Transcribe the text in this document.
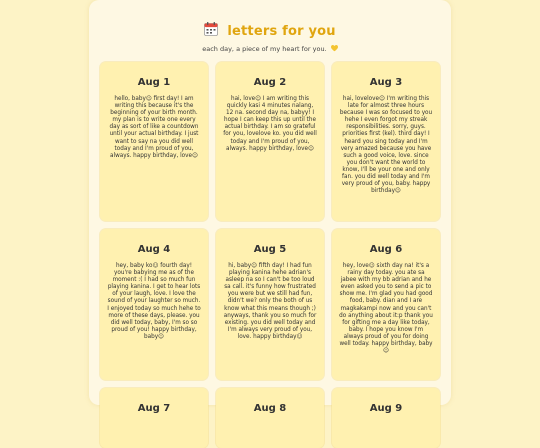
letters for you
each day, a piece of my heart for you.
Aug 1
hello, baby☺ first day! I am writing this because it's the beginning of your birth month. my plan is to write one every day as sort of like a countdown until your actual birthday. I just want to say na you did well today and I'm proud of you, always. happy birthday, love☺
Aug 2
hai, love☺ I am writing this quickly kasi 4 minutes nalang, 12 na. second day na, babyy! I hope I can keep this up until the actual birthday. I am so grateful for you, lovelove ko. you did well today and I'm proud of you, always. happy birthday, love☺
Aug 3
hai, lovelove☺ I'm writing this late for almost three hours because I was so focused to you hehe I even forgot my streak responsibilities. sorry, guys. priorities first (kel). third day! I heard you sing today and I'm very amazed because you have such a good voice, love. since you don't want the world to know, I'll be your one and only fan. you did well today and I'm very proud of you, baby. happy birthday☺
Aug 4
hey, baby ko☺ fourth day! you're babying me as of the moment :( I had so much fun playing kanina. I get to hear lots of your laugh, love. I love the sound of your laughter so much. I enjoyed today so much hehe to more of these days, please. you did well today, baby, I'm so so proud of you! happy birthday, baby☺
Aug 5
hi, baby☺ fifth day! I had fun playing kanina hehe adrian's asleep na so I can't be too loud sa call. it's funny how frustrated you were but we still had fun, didn't we? only the both of us know what this means though ;) anyways, thank you so much for existing. you did well today and I'm always very proud of you, love. happy birthday☺
Aug 6
hey, love☺ sixth day na! it's a rainy day today. you ate sa jabee with my bb adrian and he even asked you to send a pic to show me. I'm glad you had good food, baby. dian and I are magkakampi now and you can't do anything about it:p thank you for gifting me a day like today, baby. I hope you know I'm always proud of you for doing well today. happy birthday, baby☺
Aug 7	Aug 8	Aug 9
